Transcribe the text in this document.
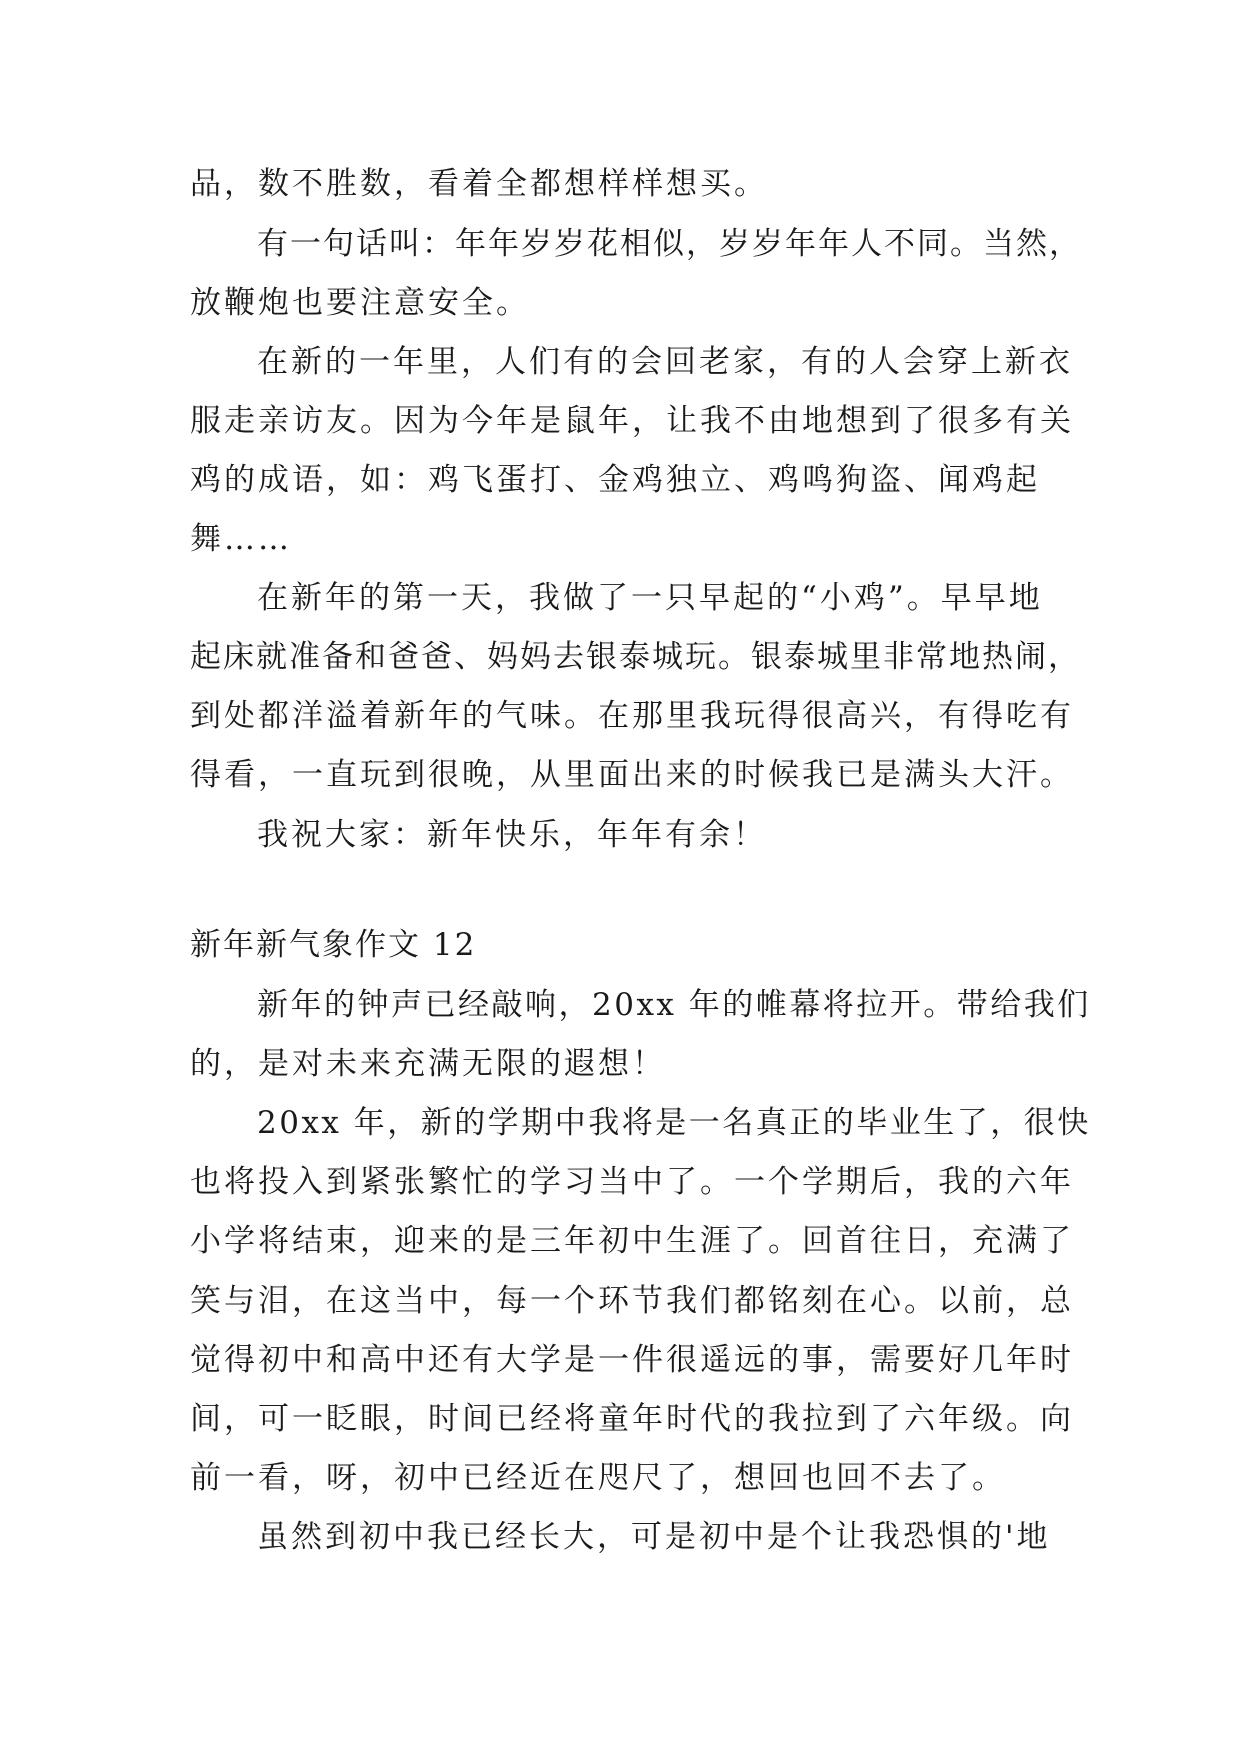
品，数不胜数，看着全都想样样想买。
有一句话叫：年年岁岁花相似，岁岁年年人不同。当然，
放鞭炮也要注意安全。
在新的一年里，人们有的会回老家，有的人会穿上新衣
服走亲访友。因为今年是鼠年，让我不由地想到了很多有关
鸡的成语，如：鸡飞蛋打、金鸡独立、鸡鸣狗盗、闻鸡起
舞……
在新年的第一天，我做了一只早起的“小鸡”。早早地
起床就准备和爸爸、妈妈去银泰城玩。银泰城里非常地热闹，
到处都洋溢着新年的气味。在那里我玩得很高兴，有得吃有
得看，一直玩到很晚，从里面出来的时候我已是满头大汗。
我祝大家：新年快乐，年年有余！
新年新气象作文 12
新年的钟声已经敲响，20xx 年的帷幕将拉开。带给我们
的，是对未来充满无限的遐想！
20xx 年，新的学期中我将是一名真正的毕业生了，很快
也将投入到紧张繁忙的学习当中了。一个学期后，我的六年
小学将结束，迎来的是三年初中生涯了。回首往日，充满了
笑与泪，在这当中，每一个环节我们都铭刻在心。以前，总
觉得初中和高中还有大学是一件很遥远的事，需要好几年时
间，可一眨眼，时间已经将童年时代的我拉到了六年级。向
前一看，呀，初中已经近在咫尺了，想回也回不去了。
虽然到初中我已经长大，可是初中是个让我恐惧的'地
